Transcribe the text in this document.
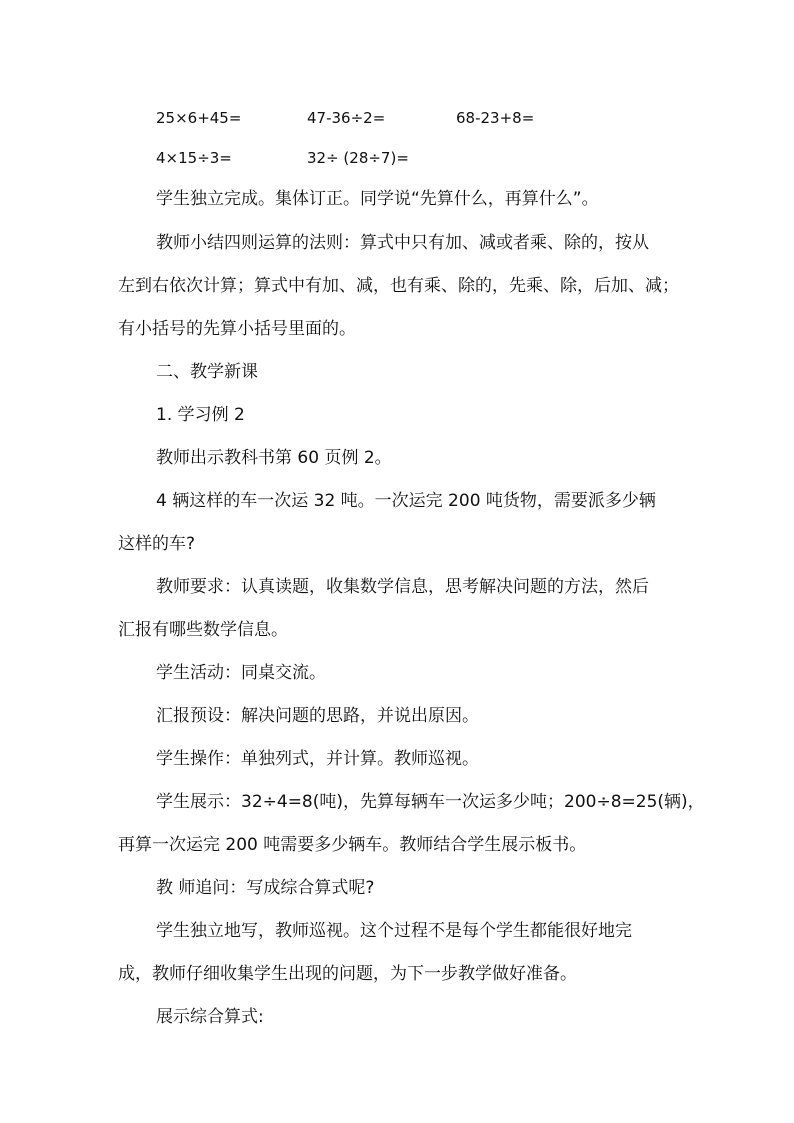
25×6+45=	47-36÷2=	68-23+8=
4×15÷3=	32÷ (28÷7)=
学生独立完成。集体订正。同学说“先算什么，再算什么”。
教师小结四则运算的法则：算式中只有加、减或者乘、除的，按从
左到右依次计算；算式中有加、减，也有乘、除的，先乘、除，后加、减；
有小括号的先算小括号里面的。
二、教学新课
1. 学习例 2
教师出示教科书第 60 页例 2。
4 辆这样的车一次运 32 吨。一次运完 200 吨货物，需要派多少辆
这样的车?
教师要求：认真读题，收集数学信息，思考解决问题的方法，然后
汇报有哪些数学信息。
学生活动：同桌交流。
汇报预设：解决问题的思路，并说出原因。
学生操作：单独列式，并计算。教师巡视。
学生展示：32÷4=8(吨)，先算每辆车一次运多少吨；200÷8=25(辆)，
再算一次运完 200 吨需要多少辆车。教师结合学生展示板书。
教 师追问：写成综合算式呢?
学生独立地写，教师巡视。这个过程不是每个学生都能很好地完
成，教师仔细收集学生出现的问题，为下一步教学做好准备。
展示综合算式:
